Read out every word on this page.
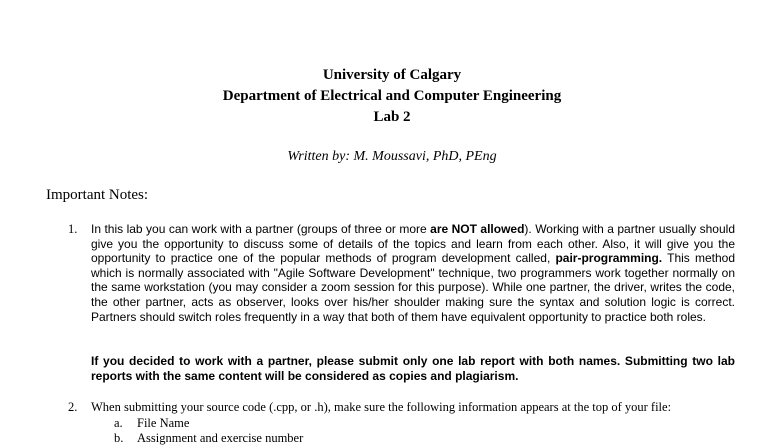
University of Calgary
Department of Electrical and Computer Engineering
Lab 2
Written by: M. Moussavi, PhD, PEng
Important Notes:
1. In this lab you can work with a partner (groups of three or more are NOT allowed). Working with a partner usually should give you the opportunity to discuss some of details of the topics and learn from each other. Also, it will give you the opportunity to practice one of the popular methods of program development called, pair-programming. This method which is normally associated with "Agile Software Development" technique, two programmers work together normally on the same workstation (you may consider a zoom session for this purpose). While one partner, the driver, writes the code, the other partner, acts as observer, looks over his/her shoulder making sure the syntax and solution logic is correct. Partners should switch roles frequently in a way that both of them have equivalent opportunity to practice both roles.
If you decided to work with a partner, please submit only one lab report with both names. Submitting two lab reports with the same content will be considered as copies and plagiarism.
2. When submitting your source code (.cpp, or .h), make sure the following information appears at the top of your file:
a. File Name
b. Assignment and exercise number
